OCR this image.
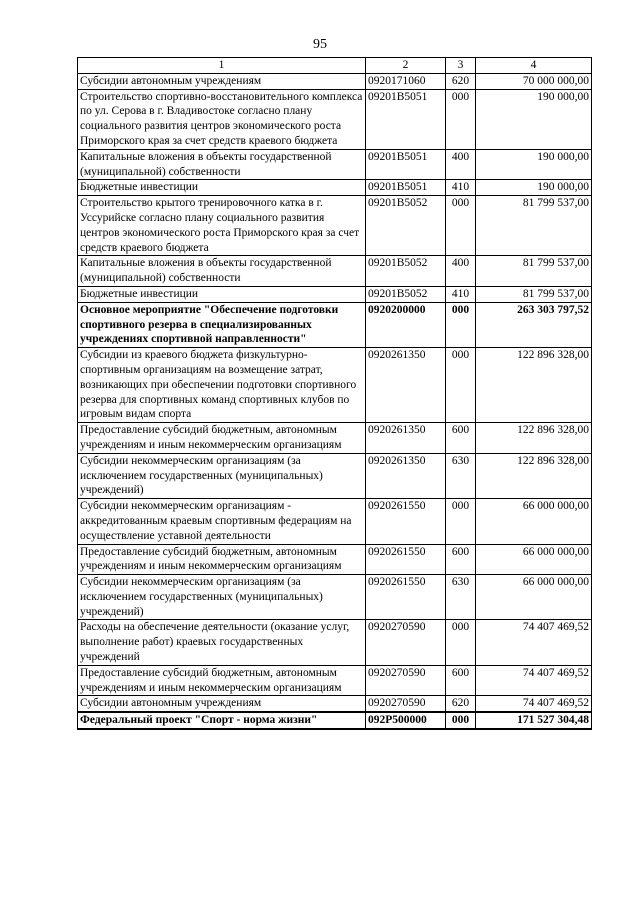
95
1	2	3	4
Субсидии автономным учреждениям	0920171060	620	70 000 000,00
Строительство спортивно-восстановительного комплекса по ул. Серова в г. Владивостоке согласно плану социального развития центров экономического роста Приморского края за счет средств краевого бюджета	09201В5051	000	190 000,00
Капитальные вложения в объекты государственной (муниципальной) собственности	09201В5051	400	190 000,00
Бюджетные инвестиции	09201В5051	410	190 000,00
Строительство крытого тренировочного катка в г. Уссурийске согласно плану социального развития центров экономического роста Приморского края за счет средств краевого бюджета	09201В5052	000	81 799 537,00
Капитальные вложения в объекты государственной (муниципальной) собственности	09201В5052	400	81 799 537,00
Бюджетные инвестиции	09201В5052	410	81 799 537,00
Основное мероприятие "Обеспечение подготовки спортивного резерва в специализированных учреждениях спортивной направленности"	0920200000	000	263 303 797,52
Субсидии из краевого бюджета физкультурно-спортивным организациям на возмещение затрат, возникающих при обеспечении подготовки спортивного резерва для спортивных команд спортивных клубов по игровым видам спорта	0920261350	000	122 896 328,00
Предоставление субсидий бюджетным, автономным учреждениям и иным некоммерческим организациям	0920261350	600	122 896 328,00
Субсидии некоммерческим организациям (за исключением государственных (муниципальных) учреждений)	0920261350	630	122 896 328,00
Субсидии некоммерческим организациям - аккредитованным краевым спортивным федерациям на осуществление уставной деятельности	0920261550	000	66 000 000,00
Предоставление субсидий бюджетным, автономным учреждениям и иным некоммерческим организациям	0920261550	600	66 000 000,00
Субсидии некоммерческим организациям (за исключением государственных (муниципальных) учреждений)	0920261550	630	66 000 000,00
Расходы на обеспечение деятельности (оказание услуг, выполнение работ) краевых государственных учреждений	0920270590	000	74 407 469,52
Предоставление субсидий бюджетным, автономным учреждениям и иным некоммерческим организациям	0920270590	600	74 407 469,52
Субсидии автономным учреждениям	0920270590	620	74 407 469,52
Федеральный проект "Спорт - норма жизни"	092Р500000	000	171 527 304,48
